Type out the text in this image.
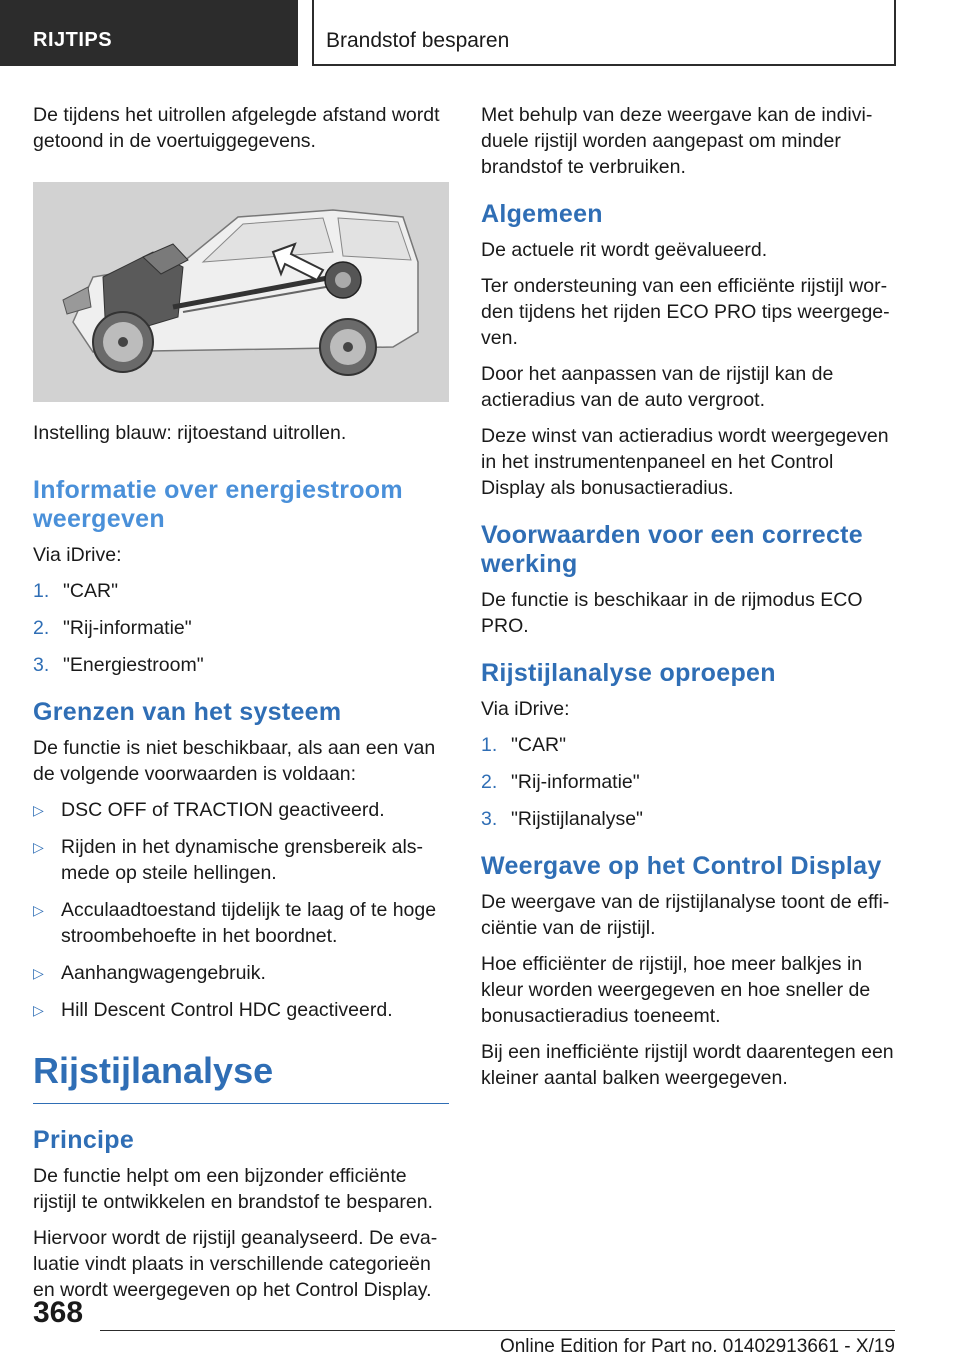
RIJTIPS	Brandstof besparen

De tijdens het uitrollen afgelegde afstand wordt getoond in de voertuiggegevens.

Instelling blauw: rijtoestand uitrollen.

Informatie over energiestroom weergeven

Via iDrive:

1. "CAR"
2. "Rij-informatie"
3. "Energiestroom"
Grenzen van het systeem

De functie is niet beschikbaar, als aan een van de volgende voorwaarden is voldaan:

▷ DSC OFF of TRACTION geactiveerd.
▷ Rijden in het dynamische grensbereik alsmede op steile hellingen.
▷ Acculaadtoestand tijdelijk te laag of te hoge stroombehoefte in het boordnet.
▷ Aanhangwagengebruik.
▷ Hill Descent Control HDC geactiveerd.
Rijstijlanalyse
Principe

De functie helpt om een bijzonder efficiënte rijstijl te ontwikkelen en brandstof te besparen.

Hiervoor wordt de rijstijl geanalyseerd. De evaluatie vindt plaats in verschillende categorieën en wordt weergegeven op het Control Display.

Met behulp van deze weergave kan de individuele rijstijl worden aangepast om minder brandstof te verbruiken.

Algemeen

De actuele rit wordt geëvalueerd.

Ter ondersteuning van een efficiënte rijstijl worden tijdens het rijden ECO PRO tips weergegeven.

Door het aanpassen van de rijstijl kan de actieradius van de auto vergroot.

Deze winst van actieradius wordt weergegeven in het instrumentenpaneel en het Control Display als bonusactieradius.

Voorwaarden voor een correcte werking

De functie is beschikaar in de rijmodus ECO PRO.

Rijstijlanalyse oproepen

Via iDrive:

1. "CAR"
2. "Rij-informatie"
3. "Rijstijlanalyse"
Weergave op het Control Display

De weergave van de rijstijlanalyse toont de efficiëntie van de rijstijl.

Hoe efficiënter de rijstijl, hoe meer balkjes in kleur worden weergegeven en hoe sneller de bonusactieradius toeneemt.

Bij een inefficiënte rijstijl wordt daarentegen een kleiner aantal balken weergegeven.

368
Online Edition for Part no. 01402913661 - X/19
